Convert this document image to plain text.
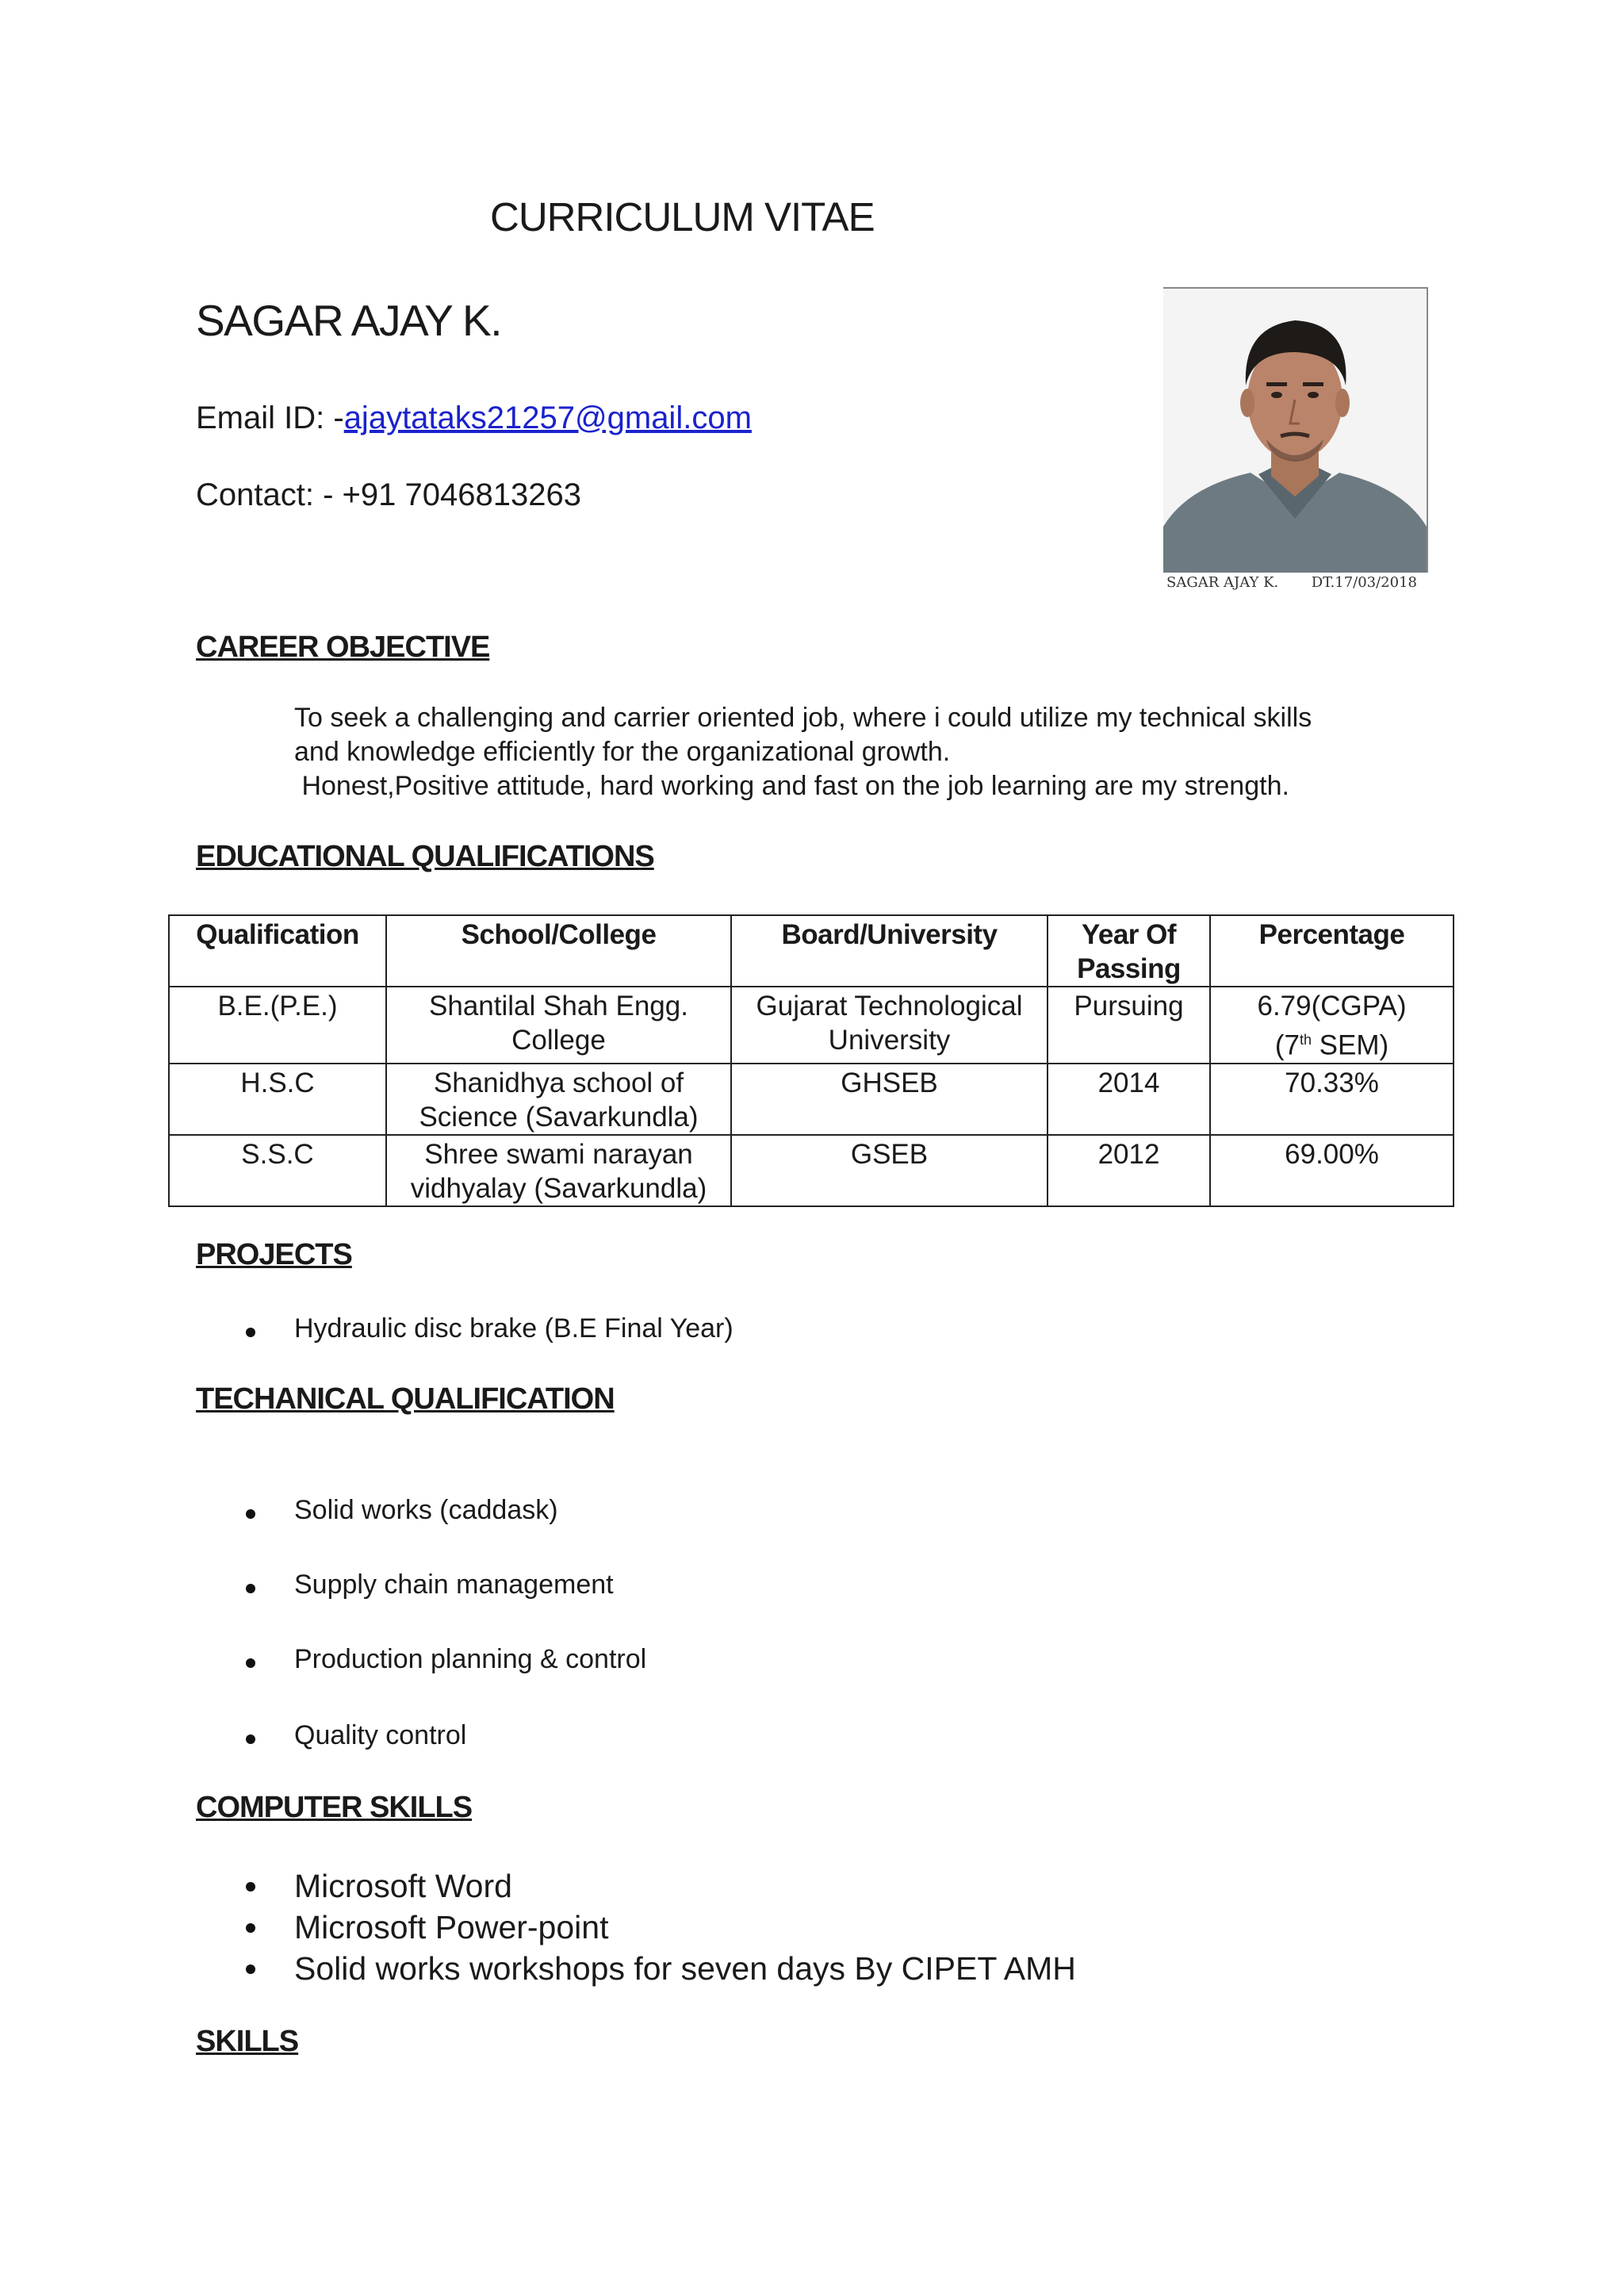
CURRICULUM VITAE
SAGAR AJAY K.
Email ID: -ajaytataks21257@gmail.com
Contact: - +91 7046813263
SAGAR AJAY K. DT.17/03/2018
CAREER OBJECTIVE
To seek a challenging and carrier oriented job, where i could utilize my technical skills
and knowledge efficiently for the organizational growth.
Honest,Positive attitude, hard working and fast on the job learning are my strength.
EDUCATIONAL QUALIFICATIONS
Qualification	School/College	Board/University	Year Of Passing	Percentage
B.E.(P.E.)	Shantilal Shah Engg. College	Gujarat Technological University	Pursuing	6.79(CGPA)
(7th SEM)

H.S.C	Shanidhya school of Science (Savarkundla)	GHSEB	2014	70.33%
S.S.C	Shree swami narayan vidhyalay (Savarkundla)	GSEB	2012	69.00%
PROJECTS
Hydraulic disc brake (B.E Final Year)
TECHANICAL QUALIFICATION
Solid works (caddask)
Supply chain management
Production planning & control
Quality control
COMPUTER SKILLS
Microsoft Word
Microsoft Power-point
Solid works workshops for seven days By CIPET AMH
SKILLS
